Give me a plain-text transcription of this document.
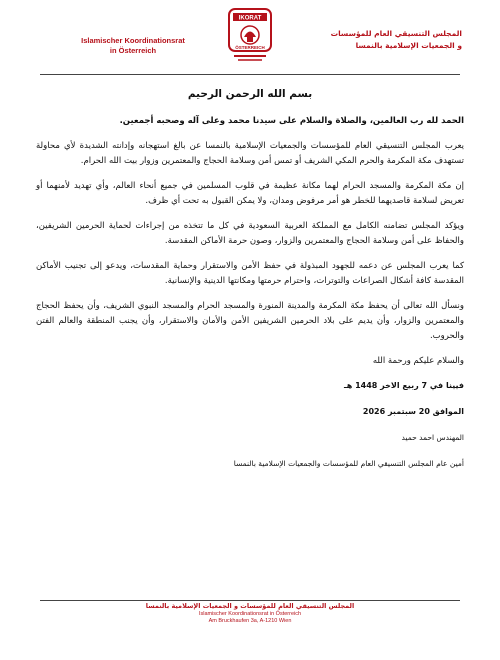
Islamischer Koordinationsrat
in Österreich
IKORAT
ÖSTERREICH
المجلس التنسيقي العام للمؤسسات
و الجمعيات الإسلامية بالنمسا

بسم الله الرحمن الرحيم

الحمد لله رب العالمين، والصلاة والسلام على سيدنا محمد وعلى آله وصحبه أجمعين.

يعرب المجلس التنسيقي العام للمؤسسات والجمعيات الإسلامية بالنمسا عن بالغ استهجانه وإدانته الشديدة لأي محاولة تستهدف مكة المكرمة والحرم المكي الشريف أو تمس أمن وسلامة الحجاج والمعتمرين وزوار بيت الله الحرام.

إن مكة المكرمة والمسجد الحرام لهما مكانة عظيمة في قلوب المسلمين في جميع أنحاء العالم، وأي تهديد لأمنهما أو تعريض لسلامة قاصديهما للخطر هو أمر مرفوض ومدان، ولا يمكن القبول به تحت أي ظرف.

ويؤكد المجلس تضامنه الكامل مع المملكة العربية السعودية في كل ما تتخذه من إجراءات لحماية الحرمين الشريفين، والحفاظ على أمن وسلامة الحجاج والمعتمرين والزوار، وصون حرمة الأماكن المقدسة.

كما يعرب المجلس عن دعمه للجهود المبذولة في حفظ الأمن والاستقرار وحماية المقدسات، ويدعو إلى تجنيب الأماكن المقدسة كافة أشكال الصراعات والتوترات، واحترام حرمتها ومكانتها الدينية والإنسانية.

ونسأل الله تعالى أن يحفظ مكة المكرمة والمدينة المنورة والمسجد الحرام والمسجد النبوي الشريف، وأن يحفظ الحجاج والمعتمرين والزوار، وأن يديم على بلاد الحرمين الشريفين الأمن والأمان والاستقرار، وأن يجنب المنطقة والعالم الفتن والحروب.

والسلام عليكم ورحمة الله

فيينا في 7 ربيع الاخر 1448 هـ
الموافق 20 سبتمبر 2026
المهندس احمد حميد
أمين عام المجلس التنسيقي العام للمؤسسات والجمعيات الإسلامية بالنمسا
المجلس التنسيقي العام للمؤسسات و الجمعيات الإسلامية بالنمسا
Islamischer Koordinationsrat in Österreich
Am Bruckhaufen 3a, A-1210 Wien
